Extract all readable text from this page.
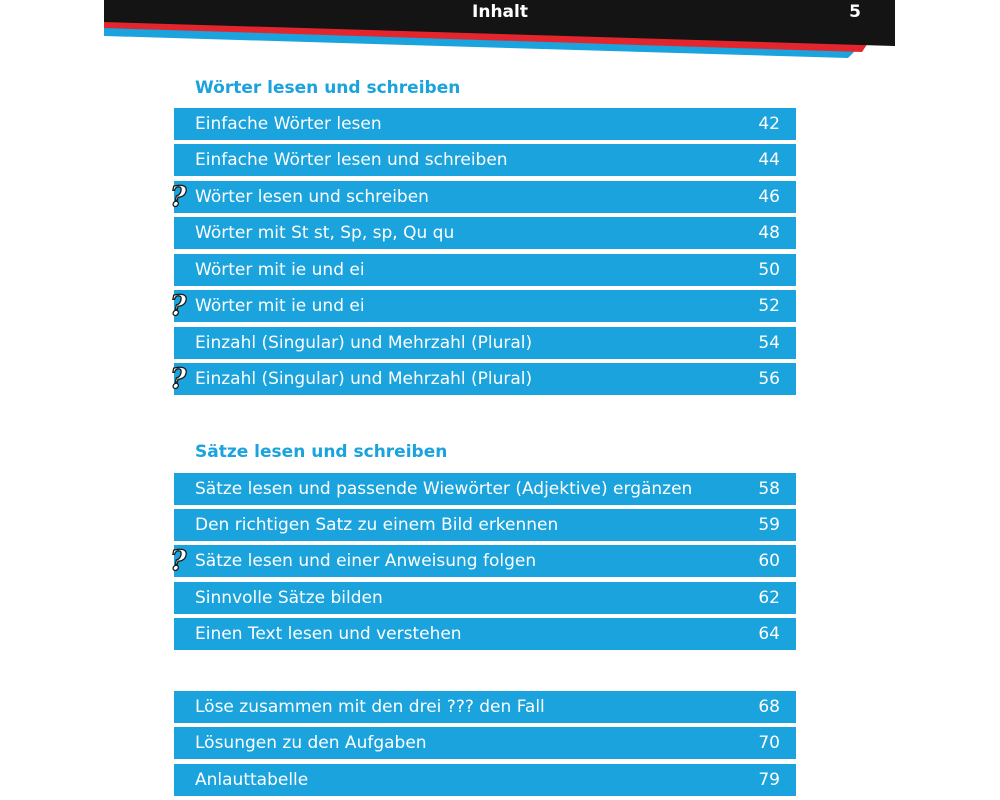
Inhalt	5
Wörter lesen und schreiben
Einfache Wörter lesen	42
Einfache Wörter lesen und schreiben	44
? Wörter lesen und schreiben	46
Wörter mit St st, Sp, sp, Qu qu	48
Wörter mit ie und ei	50
? Wörter mit ie und ei	52
Einzahl (Singular) und Mehrzahl (Plural)	54
? Einzahl (Singular) und Mehrzahl (Plural)	56
Sätze lesen und schreiben
Sätze lesen und passende Wiewörter (Adjektive) ergänzen	58
Den richtigen Satz zu einem Bild erkennen	59
? Sätze lesen und einer Anweisung folgen	60
Sinnvolle Sätze bilden	62
Einen Text lesen und verstehen	64
Löse zusammen mit den drei ??? den Fall	68
Lösungen zu den Aufgaben	70
Anlauttabelle	79
